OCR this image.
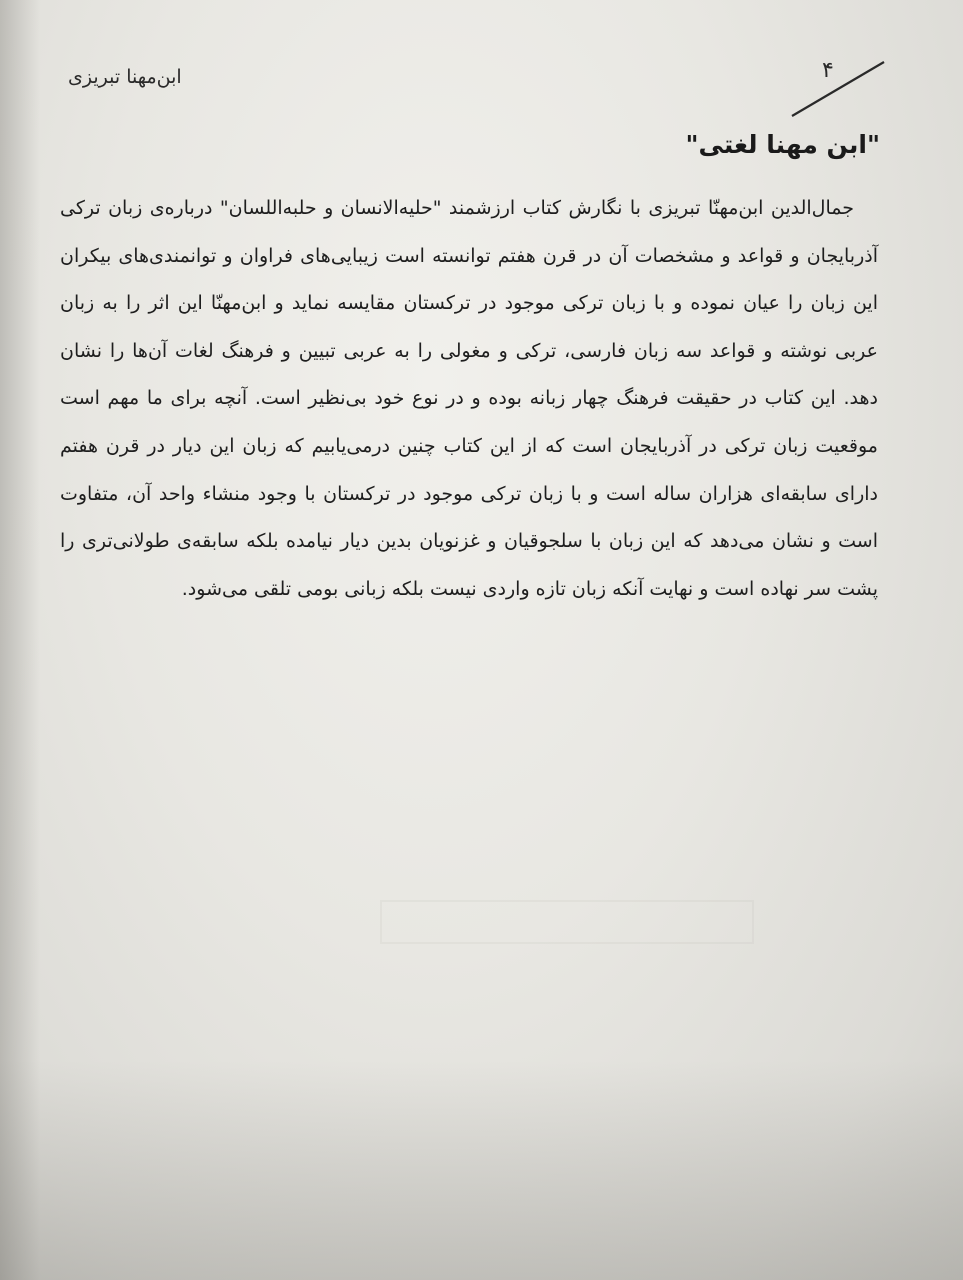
ابن‌مهنا تبریزی	۴
"ابن مهنا لغتی"

جمال‌الدین ابن‌مهنّا تبریزی با نگارش کتاب ارزشمند "حلیه‌الانسان و حلبه‌اللسان" درباره‌ی زبان ترکی آذربایجان و قواعد و مشخصات آن در قرن هفتم توانسته است زیبایی‌های فراوان و توانمندی‌های بیکران این زبان را عیان نموده و با زبان ترکی موجود در ترکستان مقایسه نماید و ابن‌مهنّا این اثر را به زبان عربی نوشته و قواعد سه زبان فارسی، ترکی و مغولی را به عربی تبیین و فرهنگ لغات آن‌ها را نشان دهد. این کتاب در حقیقت فرهنگ چهار زبانه بوده و در نوع خود بی‌نظیر است. آنچه برای ما مهم است موقعیت زبان ترکی در آذربایجان است که از این کتاب چنین درمی‌یابیم که زبان این دیار در قرن هفتم دارای سابقه‌ای هزاران ساله است و با زبان ترکی موجود در ترکستان با وجود منشاء واحد آن، متفاوت است و نشان می‌دهد که این زبان با سلجوقیان و غزنویان بدین دیار نیامده بلکه سابقه‌ی طولانی‌تری را پشت سر نهاده است و نهایت آنکه زبان تازه واردی نیست بلکه زبانی بومی تلقی می‌شود.
